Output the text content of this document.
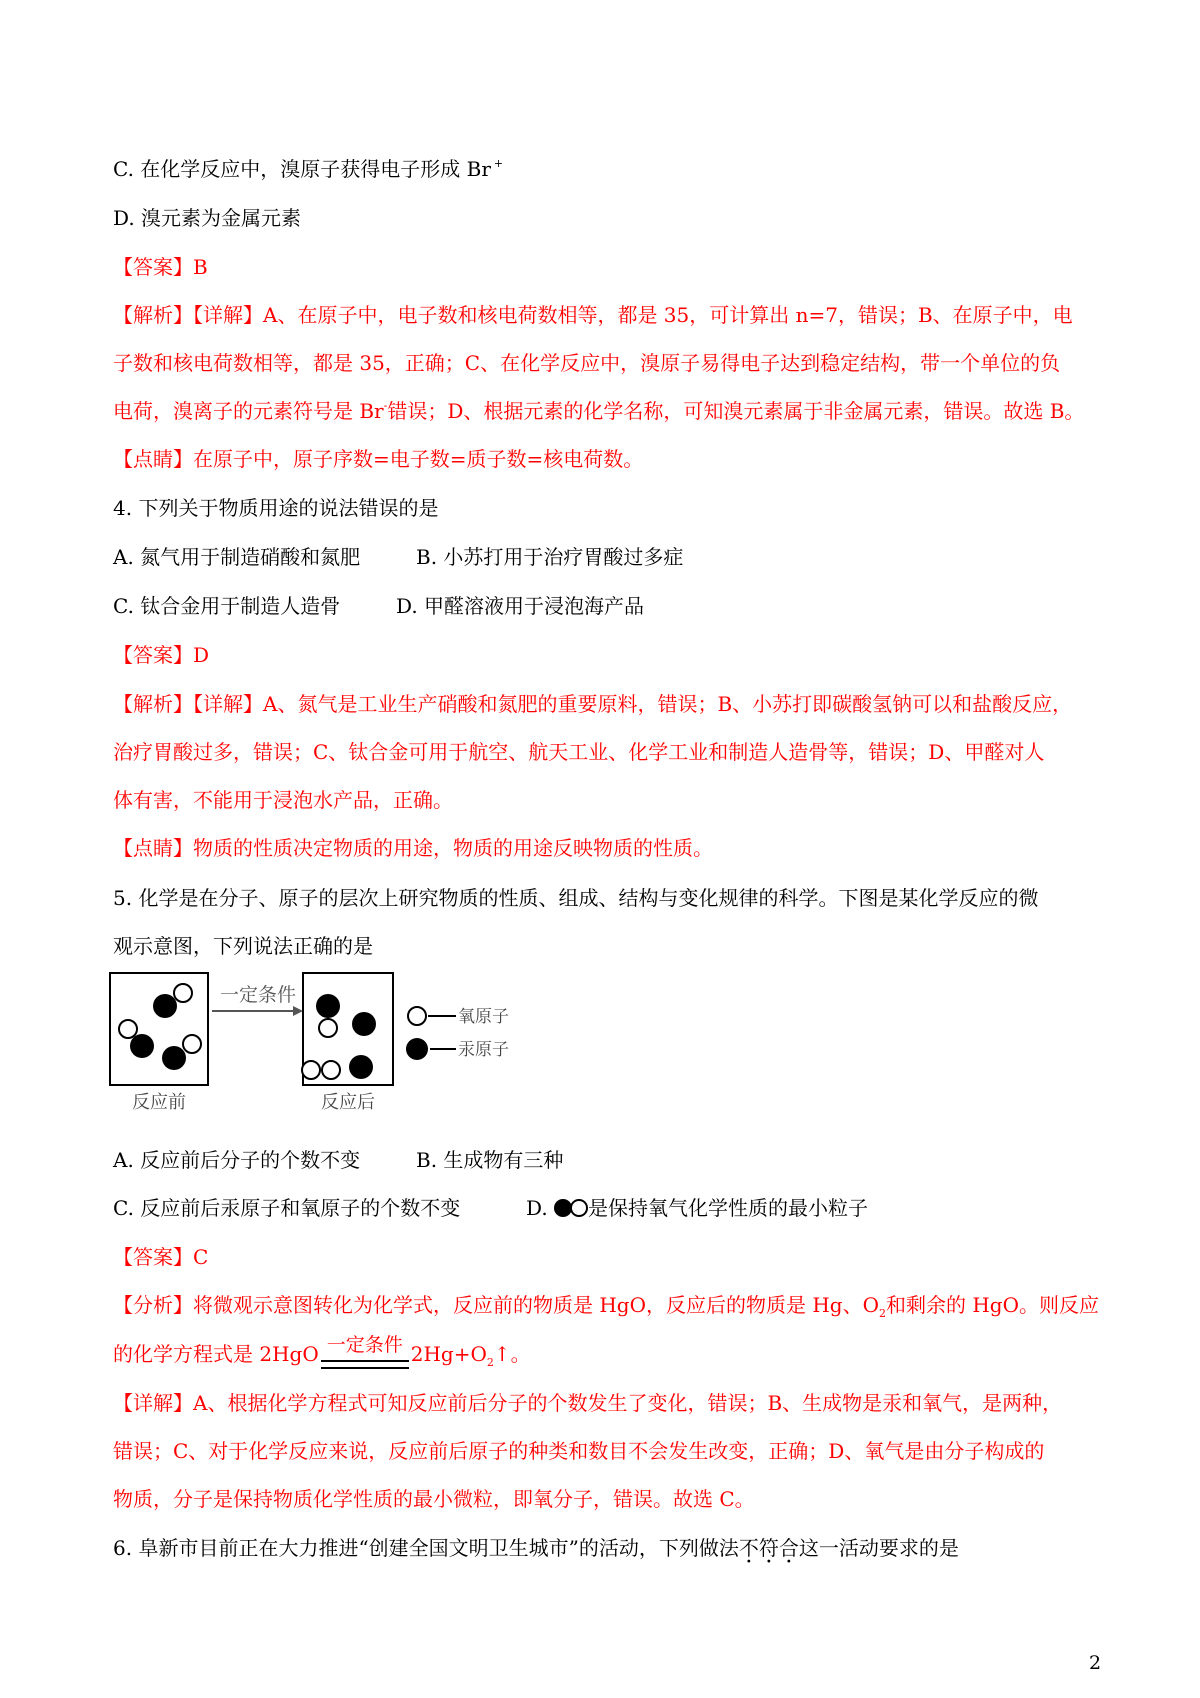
C. 在化学反应中，溴原子获得电子形成 Br +

D. 溴元素为金属元素

【答案】B

【解析】【详解】A、在原子中，电子数和核电荷数相等，都是 35，可计算出 n=7，错误；B、在原子中，电

子数和核电荷数相等，都是 35，正确；C、在化学反应中，溴原子易得电子达到稳定结构，带一个单位的负

电荷，溴离子的元素符号是 Br-错误；D、根据元素的化学名称，可知溴元素属于非金属元素，错误。故选 B。

【点睛】在原子中，原子序数=电子数=质子数=核电荷数。

4. 下列关于物质用途的说法错误的是

A. 氮气用于制造硝酸和氮肥	B. 小苏打用于治疗胃酸过多症

C. 钛合金用于制造人造骨	D. 甲醛溶液用于浸泡海产品

【答案】D

【解析】【详解】A、氮气是工业生产硝酸和氮肥的重要原料，错误；B、小苏打即碳酸氢钠可以和盐酸反应，

治疗胃酸过多，错误；C、钛合金可用于航空、航天工业、化学工业和制造人造骨等，错误；D、甲醛对人

体有害，不能用于浸泡水产品，正确。

【点睛】物质的性质决定物质的用途，物质的用途反映物质的性质。

5. 化学是在分子、原子的层次上研究物质的性质、组成、结构与变化规律的科学。下图是某化学反应的微

观示意图，下列说法正确的是

一定条件
反应前	反应后
氧原子
汞原子

A. 反应前后分子的个数不变	B. 生成物有三种

C. 反应前后汞原子和氧原子的个数不变	D. 是保持氧气化学性质的最小粒子

【答案】C

【分析】将微观示意图转化为化学式，反应前的物质是 HgO，反应后的物质是 Hg、$O_2$和剩余的 HgO。则反应

的化学方程式是 2HgO 一定条件 $2Hg+O_2↑$。

【详解】A、根据化学方程式可知反应前后分子的个数发生了变化，错误；B、生成物是汞和氧气，是两种，

错误；C、对于化学反应来说，反应前后原子的种类和数目不会发生改变，正确；D、氧气是由分子构成的

物质，分子是保持物质化学性质的最小微粒，即氧分子，错误。故选 C。

6. 阜新市目前正在大力推进“创建全国文明卫生城市”的活动，下列做法不符合这一活动要求的是

2
